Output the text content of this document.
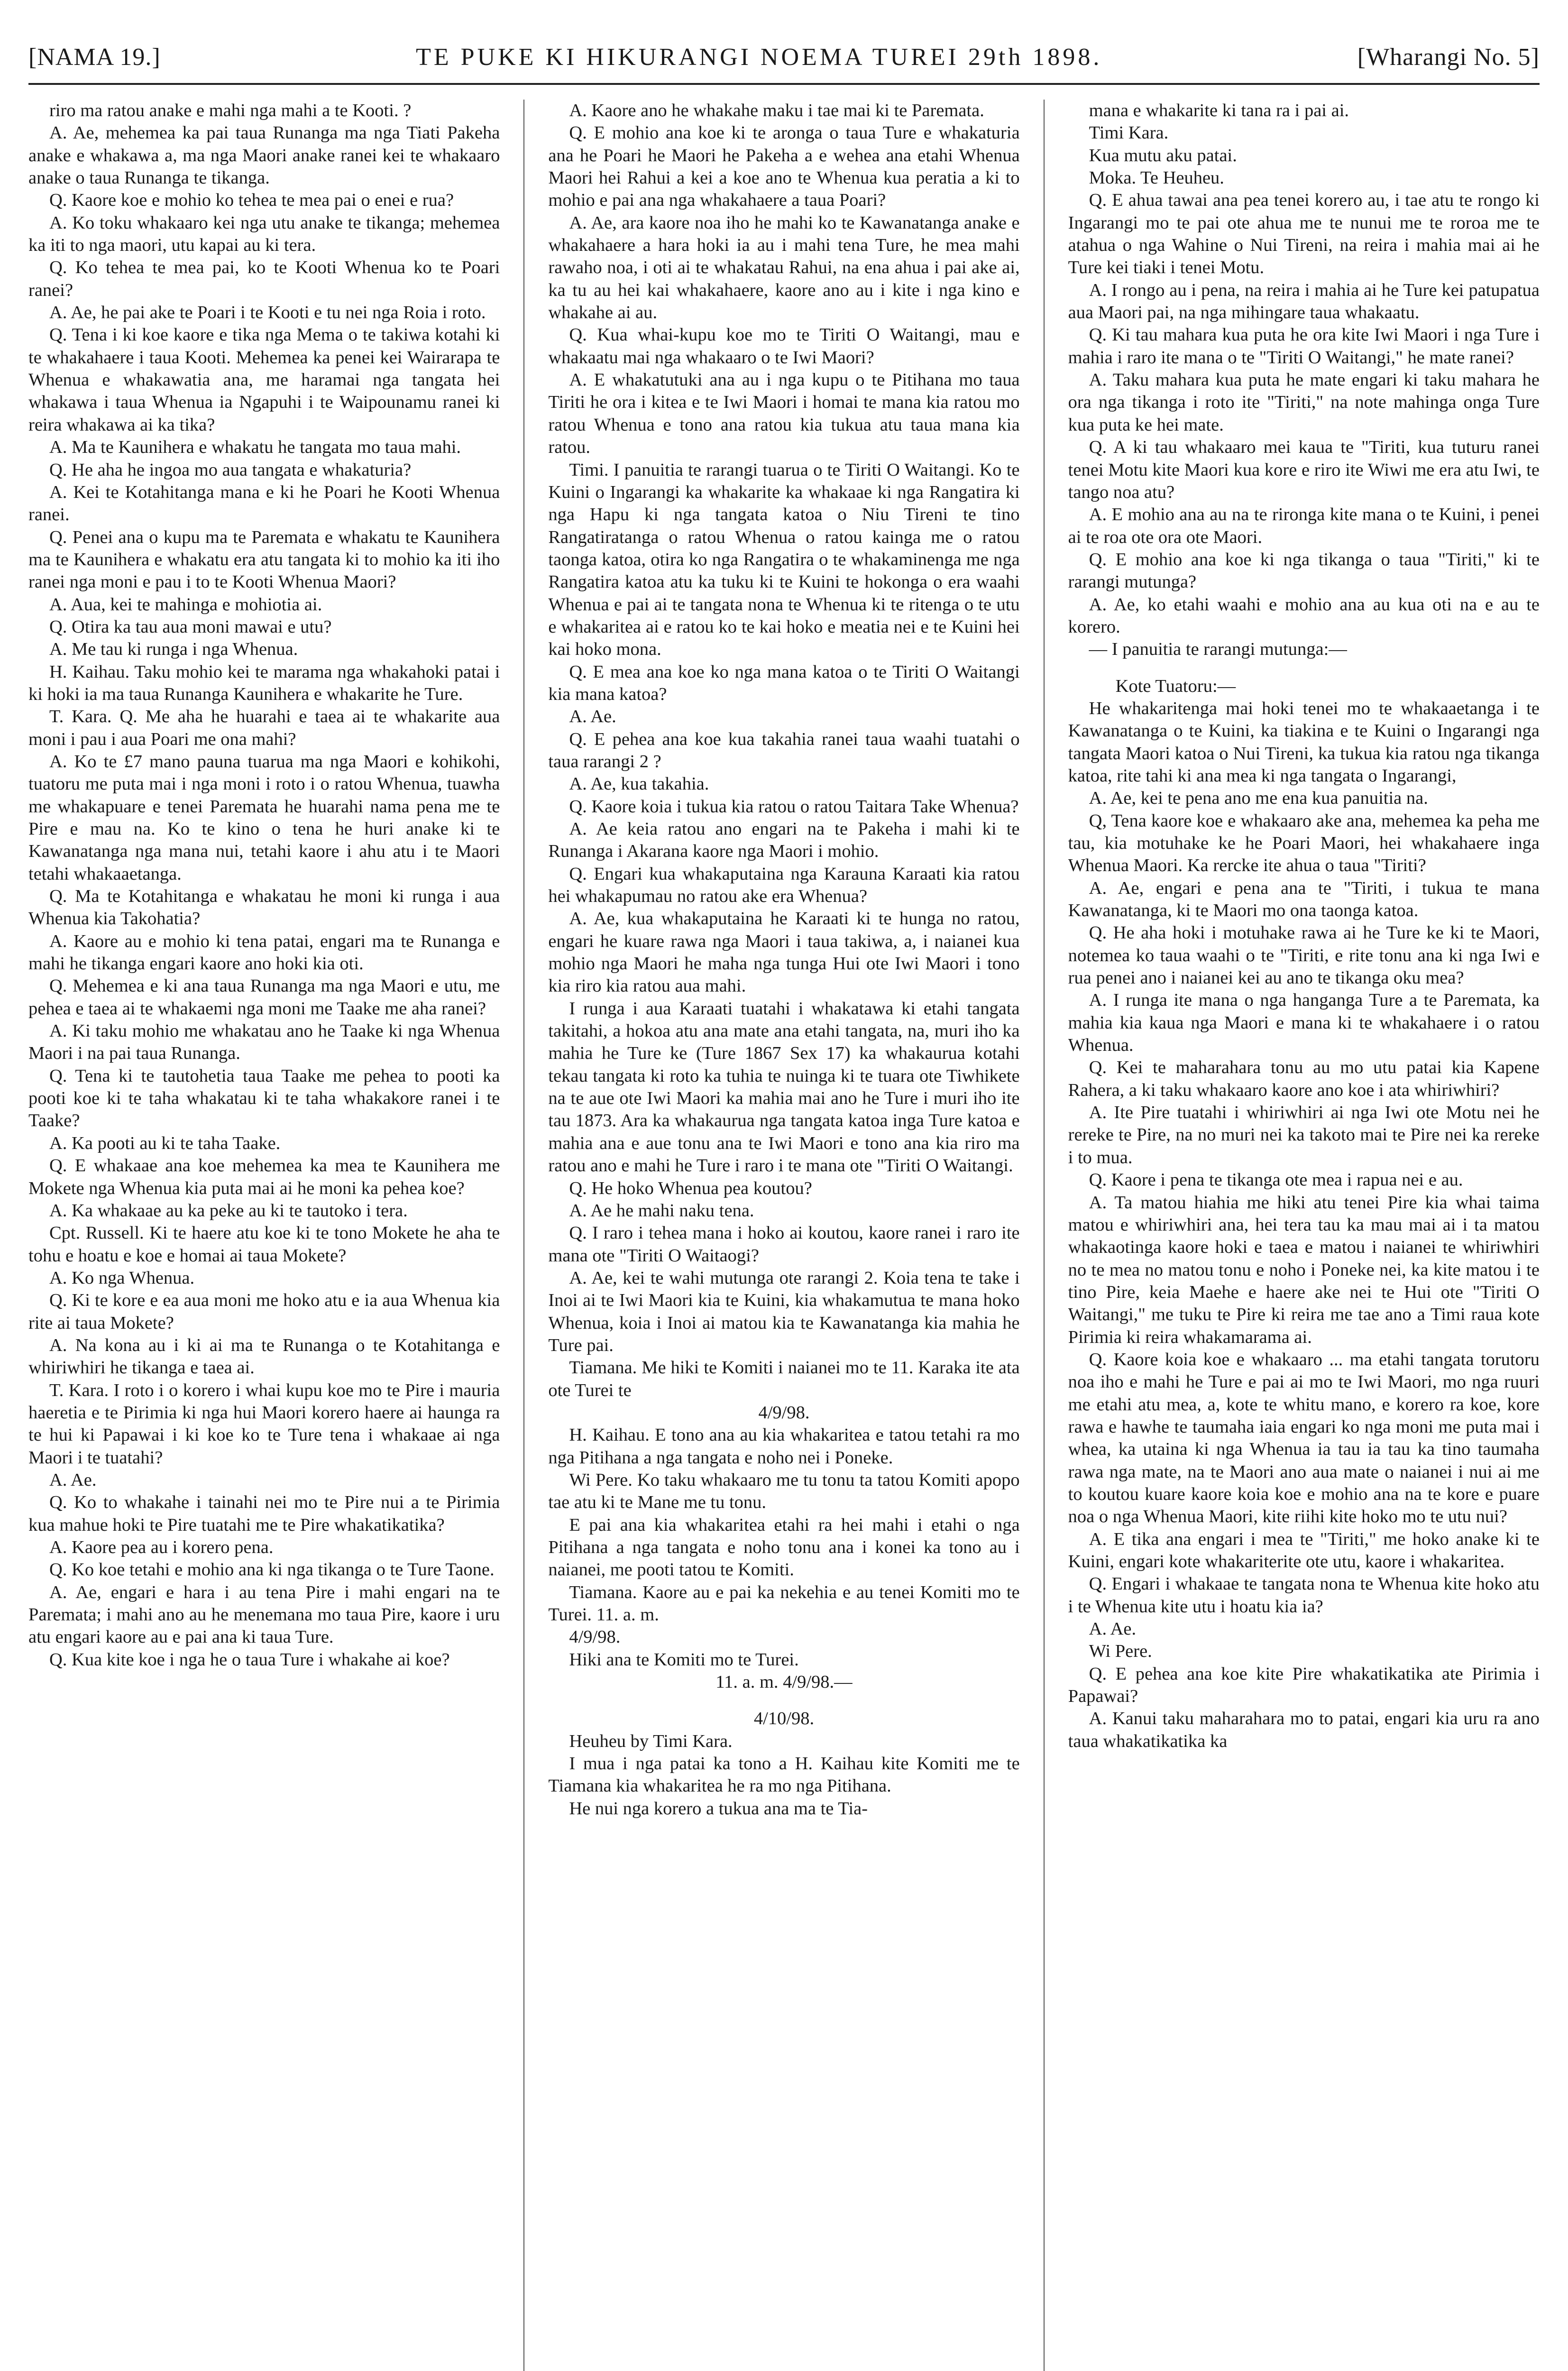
[NAMA 19.]	TE PUKE KI HIKURANGI NOEMA TUREI 29th 1898.	[Wharangi No. 5]

riro ma ratou anake e mahi nga mahi a te Kooti. ?

A. Ae, mehemea ka pai taua Runanga ma nga Tiati Pakeha anake e whakawa a, ma nga Maori anake ranei kei te whakaaro anake o taua Runanga te tikanga.

Q. Kaore koe e mohio ko tehea te mea pai o enei e rua?

A. Ko toku whakaaro kei nga utu anake te tikanga; mehemea ka iti to nga maori, utu kapai au ki tera.

Q. Ko tehea te mea pai, ko te Kooti Whenua ko te Poari ranei?

A. Ae, he pai ake te Poari i te Kooti e tu nei nga Roia i roto.

Q. Tena i ki koe kaore e tika nga Mema o te takiwa kotahi ki te whakahaere i taua Kooti. Mehemea ka penei kei Wairarapa te Whenua e whakawatia ana, me haramai nga tangata hei whakawa i taua Whenua ia Ngapuhi i te Waipounamu ranei ki reira whakawa ai ka tika?

A. Ma te Kaunihera e whakatu he tangata mo taua mahi.

Q. He aha he ingoa mo aua tangata e whakaturia?

A. Kei te Kotahitanga mana e ki he Poari he Kooti Whenua ranei.

Q. Penei ana o kupu ma te Paremata e whakatu te Kaunihera ma te Kaunihera e whakatu era atu tangata ki to mohio ka iti iho ranei nga moni e pau i to te Kooti Whenua Maori?

A. Aua, kei te mahinga e mohiotia ai.

Q. Otira ka tau aua moni mawai e utu?

A. Me tau ki runga i nga Whenua.

H. Kaihau. Taku mohio kei te marama nga whakahoki patai i ki hoki ia ma taua Runanga Kaunihera e whakarite he Ture.

T. Kara. Q. Me aha he huarahi e taea ai te whakarite aua moni i pau i aua Poari me ona mahi?

A. Ko te £7 mano pauna tuarua ma nga Maori e kohikohi, tuatoru me puta mai i nga moni i roto i o ratou Whenua, tuawha me whakapuare e tenei Paremata he huarahi nama pena me te Pire e mau na. Ko te kino o tena he huri anake ki te Kawanatanga nga mana nui, tetahi kaore i ahu atu i te Maori tetahi whakaaetanga.

Q. Ma te Kotahitanga e whakatau he moni ki runga i aua Whenua kia Takohatia?

A. Kaore au e mohio ki tena patai, engari ma te Runanga e mahi he tikanga engari kaore ano hoki kia oti.

Q. Mehemea e ki ana taua Runanga ma nga Maori e utu, me pehea e taea ai te whakaemi nga moni me Taake me aha ranei?

A. Ki taku mohio me whakatau ano he Taake ki nga Whenua Maori i na pai taua Runanga.

Q. Tena ki te tautohetia taua Taake me pehea to pooti ka pooti koe ki te taha whakatau ki te taha whakakore ranei i te Taake?

A. Ka pooti au ki te taha Taake.

Q. E whakaae ana koe mehemea ka mea te Kaunihera me Mokete nga Whenua kia puta mai ai he moni ka pehea koe?

A. Ka whakaae au ka peke au ki te tautoko i tera.

Cpt. Russell. Ki te haere atu koe ki te tono Mokete he aha te tohu e hoatu e koe e homai ai taua Mokete?

A. Ko nga Whenua.

Q. Ki te kore e ea aua moni me hoko atu e ia aua Whenua kia rite ai taua Mokete?

A. Na kona au i ki ai ma te Runanga o te Kotahitanga e whiriwhiri he tikanga e taea ai.

T. Kara. I roto i o korero i whai kupu koe mo te Pire i mauria haeretia e te Pirimia ki nga hui Maori korero haere ai haunga ra te hui ki Papawai i ki koe ko te Ture tena i whakaae ai nga Maori i te tuatahi?

A. Ae.

Q. Ko to whakahe i tainahi nei mo te Pire nui a te Pirimia kua mahue hoki te Pire tuatahi me te Pire whakatikatika?

A. Kaore pea au i korero pena.

Q. Ko koe tetahi e mohio ana ki nga tikanga o te Ture Taone.

A. Ae, engari e hara i au tena Pire i mahi engari na te Paremata; i mahi ano au he menemana mo taua Pire, kaore i uru atu engari kaore au e pai ana ki taua Ture.

Q. Kua kite koe i nga he o taua Ture i whakahe ai koe?

A. Kaore ano he whakahe maku i tae mai ki te Paremata.

Q. E mohio ana koe ki te aronga o taua Ture e whakaturia ana he Poari he Maori he Pakeha a e wehea ana etahi Whenua Maori hei Rahui a kei a koe ano te Whenua kua peratia a ki to mohio e pai ana nga whakahaere a taua Poari?

A. Ae, ara kaore noa iho he mahi ko te Kawanatanga anake e whakahaere a hara hoki ia au i mahi tena Ture, he mea mahi rawaho noa, i oti ai te whakatau Rahui, na ena ahua i pai ake ai, ka tu au hei kai whakahaere, kaore ano au i kite i nga kino e whakahe ai au.

Q. Kua whai-kupu koe mo te Tiriti O Waitangi, mau e whakaatu mai nga whakaaro o te Iwi Maori?

A. E whakatutuki ana au i nga kupu o te Pitihana mo taua Tiriti he ora i kitea e te Iwi Maori i homai te mana kia ratou mo ratou Whenua e tono ana ratou kia tukua atu taua mana kia ratou.

Timi. I panuitia te rarangi tuarua o te Tiriti O Waitangi. Ko te Kuini o Ingarangi ka whakarite ka whakaae ki nga Rangatira ki nga Hapu ki nga tangata katoa o Niu Tireni te tino Rangatiratanga o ratou Whenua o ratou kainga me o ratou taonga katoa, otira ko nga Rangatira o te whakaminenga me nga Rangatira katoa atu ka tuku ki te Kuini te hokonga o era waahi Whenua e pai ai te tangata nona te Whenua ki te ritenga o te utu e whakaritea ai e ratou ko te kai hoko e meatia nei e te Kuini hei kai hoko mona.

Q. E mea ana koe ko nga mana katoa o te Tiriti O Waitangi kia mana katoa?

A. Ae.

Q. E pehea ana koe kua takahia ranei taua waahi tuatahi o taua rarangi 2 ?

A. Ae, kua takahia.

Q. Kaore koia i tukua kia ratou o ratou Taitara Take Whenua?

A. Ae keia ratou ano engari na te Pakeha i mahi ki te Runanga i Akarana kaore nga Maori i mohio.

Q. Engari kua whakaputaina nga Karauna Karaati kia ratou hei whakapumau no ratou ake era Whenua?

A. Ae, kua whakaputaina he Karaati ki te hunga no ratou, engari he kuare rawa nga Maori i taua takiwa, a, i naianei kua mohio nga Maori he maha nga tunga Hui ote Iwi Maori i tono kia riro kia ratou aua mahi.

I runga i aua Karaati tuatahi i whakatawa ki etahi tangata takitahi, a hokoa atu ana mate ana etahi tangata, na, muri iho ka mahia he Ture ke (Ture 1867 Sex 17) ka whakaurua kotahi tekau tangata ki roto ka tuhia te nuinga ki te tuara ote Tiwhikete na te aue ote Iwi Maori ka mahia mai ano he Ture i muri iho ite tau 1873. Ara ka whakaurua nga tangata katoa inga Ture katoa e mahia ana e aue tonu ana te Iwi Maori e tono ana kia riro ma ratou ano e mahi he Ture i raro i te mana ote "Tiriti O Waitangi.

Q. He hoko Whenua pea koutou?

A. Ae he mahi naku tena.

Q. I raro i tehea mana i hoko ai koutou, kaore ranei i raro ite mana ote "Tiriti O Waitaogi?

A. Ae, kei te wahi mutunga ote rarangi 2. Koia tena te take i Inoi ai te Iwi Maori kia te Kuini, kia whakamutua te mana hoko Whenua, koia i Inoi ai matou kia te Kawanatanga kia mahia he Ture pai.

Tiamana. Me hiki te Komiti i naianei mo te 11. Karaka ite ata ote Turei te

4/9/98.

H. Kaihau. E tono ana au kia whakaritea e tatou tetahi ra mo nga Pitihana a nga tangata e noho nei i Poneke.

Wi Pere. Ko taku whakaaro me tu tonu ta tatou Komiti apopo tae atu ki te Mane me tu tonu.

E pai ana kia whakaritea etahi ra hei mahi i etahi o nga Pitihana a nga tangata e noho tonu ana i konei ka tono au i naianei, me pooti tatou te Komiti.

Tiamana. Kaore au e pai ka nekehia e au tenei Komiti mo te Turei. 11. a. m.

4/9/98.

Hiki ana te Komiti mo te Turei.

11. a. m. 4/9/98.—

4/10/98.

Heuheu by Timi Kara.

I mua i nga patai ka tono a H. Kaihau kite Komiti me te Tiamana kia whakaritea he ra mo nga Pitihana.

He nui nga korero a tukua ana ma te Tia-

mana e whakarite ki tana ra i pai ai.

Timi Kara.

Kua mutu aku patai.

Moka. Te Heuheu.

Q. E ahua tawai ana pea tenei korero au, i tae atu te rongo ki Ingarangi mo te pai ote ahua me te nunui me te roroa me te atahua o nga Wahine o Nui Tireni, na reira i mahia mai ai he Ture kei tiaki i tenei Motu.

A. I rongo au i pena, na reira i mahia ai he Ture kei patupatua aua Maori pai, na nga mihingare taua whakaatu.

Q. Ki tau mahara kua puta he ora kite Iwi Maori i nga Ture i mahia i raro ite mana o te "Tiriti O Waitangi," he mate ranei?

A. Taku mahara kua puta he mate engari ki taku mahara he ora nga tikanga i roto ite "Tiriti," na note mahinga onga Ture kua puta ke hei mate.

Q. A ki tau whakaaro mei kaua te "Tiriti, kua tuturu ranei tenei Motu kite Maori kua kore e riro ite Wiwi me era atu Iwi, te tango noa atu?

A. E mohio ana au na te rironga kite mana o te Kuini, i penei ai te roa ote ora ote Maori.

Q. E mohio ana koe ki nga tikanga o taua "Tiriti," ki te rarangi mutunga?

A. Ae, ko etahi waahi e mohio ana au kua oti na e au te korero.

— I panuitia te rarangi mutunga:—

Kote Tuatoru:—

He whakaritenga mai hoki tenei mo te whakaaetanga i te Kawanatanga o te Kuini, ka tiakina e te Kuini o Ingarangi nga tangata Maori katoa o Nui Tireni, ka tukua kia ratou nga tikanga katoa, rite tahi ki ana mea ki nga tangata o Ingarangi,

A. Ae, kei te pena ano me ena kua panuitia na.

Q, Tena kaore koe e whakaaro ake ana, mehemea ka peha me tau, kia motuhake ke he Poari Maori, hei whakahaere inga Whenua Maori. Ka rercke ite ahua o taua "Tiriti?

A. Ae, engari e pena ana te "Tiriti, i tukua te mana Kawanatanga, ki te Maori mo ona taonga katoa.

Q. He aha hoki i motuhake rawa ai he Ture ke ki te Maori, notemea ko taua waahi o te "Tiriti, e rite tonu ana ki nga Iwi e rua penei ano i naianei kei au ano te tikanga oku mea?

A. I runga ite mana o nga hanganga Ture a te Paremata, ka mahia kia kaua nga Maori e mana ki te whakahaere i o ratou Whenua.

Q. Kei te maharahara tonu au mo utu patai kia Kapene Rahera, a ki taku whakaaro kaore ano koe i ata whiriwhiri?

A. Ite Pire tuatahi i whiriwhiri ai nga Iwi ote Motu nei he rereke te Pire, na no muri nei ka takoto mai te Pire nei ka rereke i to mua.

Q. Kaore i pena te tikanga ote mea i rapua nei e au.

A. Ta matou hiahia me hiki atu tenei Pire kia whai taima matou e whiriwhiri ana, hei tera tau ka mau mai ai i ta matou whakaotinga kaore hoki e taea e matou i naianei te whiriwhiri no te mea no matou tonu e noho i Poneke nei, ka kite matou i te tino Pire, keia Maehe e haere ake nei te Hui ote "Tiriti O Waitangi," me tuku te Pire ki reira me tae ano a Timi raua kote Pirimia ki reira whakamarama ai.

Q. Kaore koia koe e whakaaro ... ma etahi tangata torutoru noa iho e mahi he Ture e pai ai mo te Iwi Maori, mo nga ruuri me etahi atu mea, a, kote te whitu mano, e korero ra koe, kore rawa e hawhe te taumaha iaia engari ko nga moni me puta mai i whea, ka utaina ki nga Whenua ia tau ia tau ka tino taumaha rawa nga mate, na te Maori ano aua mate o naianei i nui ai me to koutou kuare kaore koia koe e mohio ana na te kore e puare noa o nga Whenua Maori, kite riihi kite hoko mo te utu nui?

A. E tika ana engari i mea te "Tiriti," me hoko anake ki te Kuini, engari kote whakariterite ote utu, kaore i whakaritea.

Q. Engari i whakaae te tangata nona te Whenua kite hoko atu i te Whenua kite utu i hoatu kia ia?

A. Ae.

Wi Pere.

Q. E pehea ana koe kite Pire whakatikatika ate Pirimia i Papawai?

A. Kanui taku maharahara mo to patai, engari kia uru ra ano taua whakatikatika ka
